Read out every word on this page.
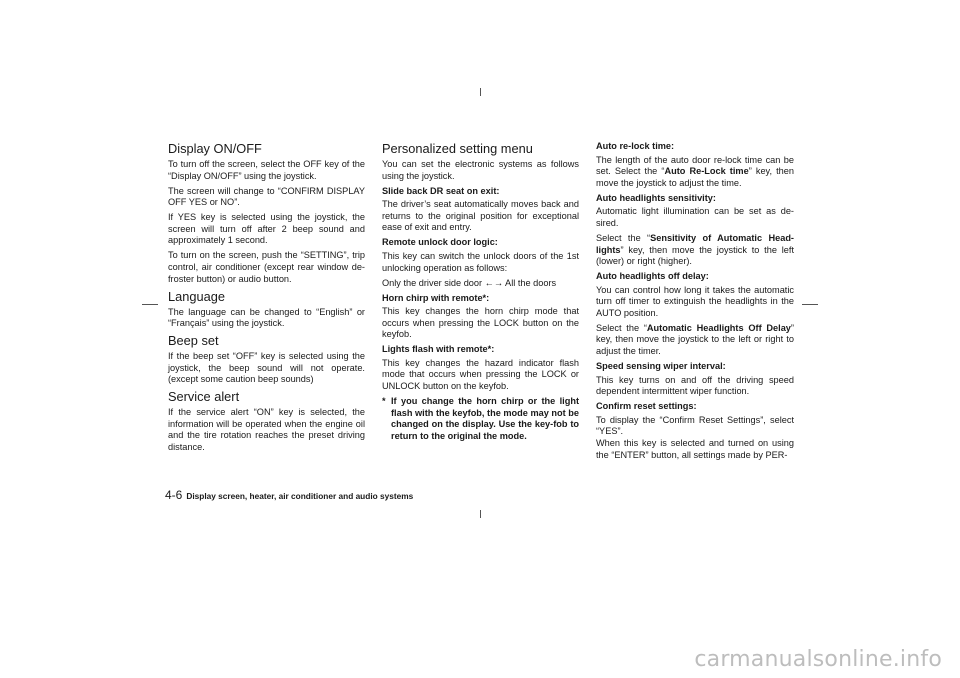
Display ON/OFF

To turn off the screen, select the OFF key of the “Display ON/OFF” using the joystick.

The screen will change to “CONFIRM DISPLAY OFF YES or NO”.

If YES key is selected using the joystick, the screen will turn off after 2 beep sound and approximately 1 second.

To turn on the screen, push the “SETTING”, trip control, air conditioner (except rear window de-froster button) or audio button.

Language

The language can be changed to “English” or “Français” using the joystick.

Beep set

If the beep set “OFF” key is selected using the joystick, the beep sound will not operate. (except some caution beep sounds)

Service alert

If the service alert “ON” key is selected, the information will be operated when the engine oil and the tire rotation reaches the preset driving distance.

Personalized setting menu

You can set the electronic systems as follows using the joystick.

Slide back DR seat on exit:

The driver’s seat automatically moves back and returns to the original position for exceptional ease of exit and entry.

Remote unlock door logic:

This key can switch the unlock doors of the 1st unlocking operation as follows:

Only the driver side door ←→ All the doors

Horn chirp with remote*:

This key changes the horn chirp mode that occurs when pressing the LOCK button on the keyfob.

Lights flash with remote*:

This key changes the hazard indicator flash mode that occurs when pressing the LOCK or UNLOCK button on the keyfob.

* If you change the horn chirp or the light flash with the keyfob, the mode may not be changed on the display. Use the key-fob to return to the original the mode.

Auto re-lock time:

The length of the auto door re-lock time can be set. Select the “Auto Re-Lock time” key, then move the joystick to adjust the time.

Auto headlights sensitivity:

Automatic light illumination can be set as de-sired.

Select the “Sensitivity of Automatic Head-lights” key, then move the joystick to the left (lower) or right (higher).

Auto headlights off delay:

You can control how long it takes the automatic turn off timer to extinguish the headlights in the AUTO position.

Select the “Automatic Headlights Off Delay” key, then move the joystick to the left or right to adjust the timer.

Speed sensing wiper interval:

This key turns on and off the driving speed dependent intermittent wiper function.

Confirm reset settings:

To display the “Confirm Reset Settings”, select “YES”.

When this key is selected and turned on using the “ENTER” button, all settings made by PER-

4-6 Display screen, heater, air conditioner and audio systems
carmanualsonline.info
